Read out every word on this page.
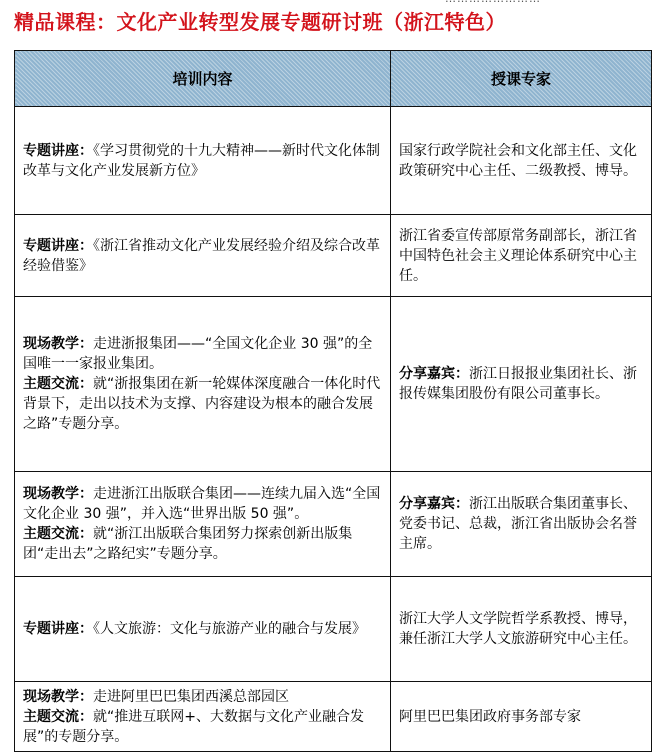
精品课程：文化产业转型发展专题研讨班（浙江特色）
培训内容	授课专家

专题讲座：《学习贯彻党的十九大精神——新时代文化体制改革与文化产业发展新方位》	国家行政学院社会和文化部主任、文化政策研究中心主任、二级教授、博导。

专题讲座：《浙江省推动文化产业发展经验介绍及综合改革经验借鉴》	浙江省委宣传部原常务副部长，浙江省中国特色社会主义理论体系研究中心主任。

现场教学：走进浙报集团——“全国文化企业 30 强”的全国唯一一家报业集团。
主题交流：就“浙报集团在新一轮媒体深度融合一体化时代背景下，走出以技术为支撑、内容建设为根本的融合发展之路”专题分享。	分享嘉宾：浙江日报报业集团社长、浙报传媒集团股份有限公司董事长。

现场教学：走进浙江出版联合集团——连续九届入选“全国文化企业 30 强”，并入选“世界出版 50 强”。
主题交流：就“浙江出版联合集团努力探索创新出版集团“走出去”之路纪实”专题分享。	分享嘉宾：浙江出版联合集团董事长、党委书记、总裁，浙江省出版协会名誉主席。

专题讲座：《人文旅游：文化与旅游产业的融合与发展》	浙江大学人文学院哲学系教授、博导，兼任浙江大学人文旅游研究中心主任。

现场教学：走进阿里巴巴集团西溪总部园区
主题交流：就“推进互联网+、大数据与文化产业融合发展”的专题分享。	阿里巴巴集团政府事务部专家
